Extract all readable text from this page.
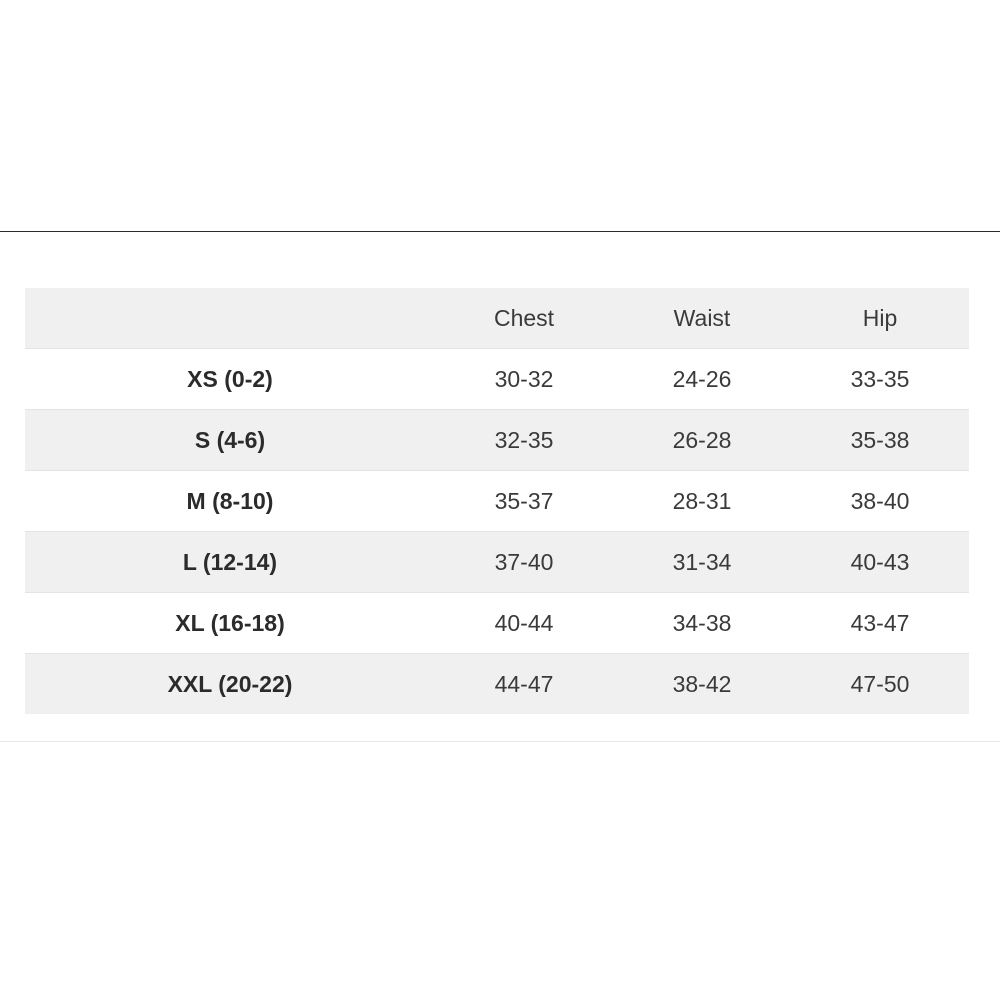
	Chest	Waist	Hip
XS (0-2)	30-32	24-26	33-35
S (4-6)	32-35	26-28	35-38
M (8-10)	35-37	28-31	38-40
L (12-14)	37-40	31-34	40-43
XL (16-18)	40-44	34-38	43-47
XXL (20-22)	44-47	38-42	47-50
